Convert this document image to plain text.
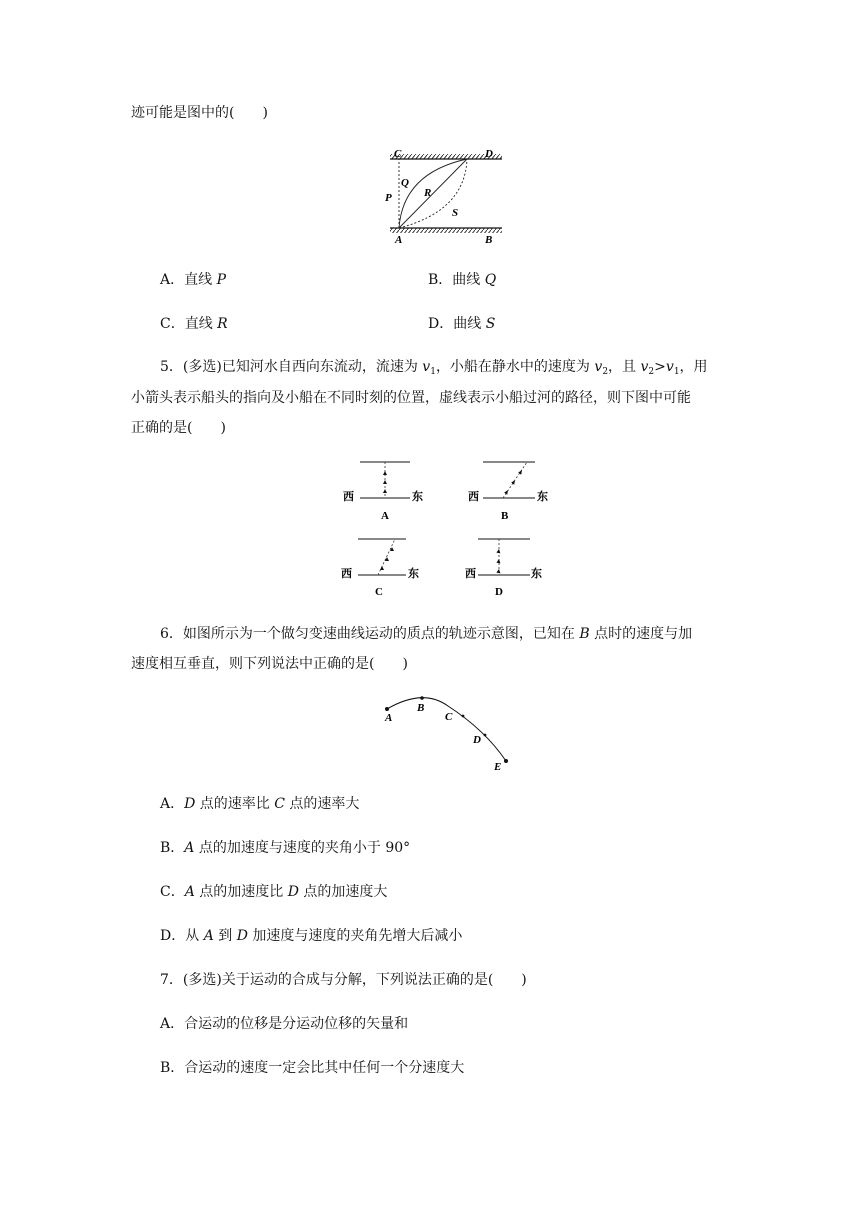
迹可能是图中的(　　)
C	D
P
Q
R
S
A	B
A．直线 P	B．曲线 Q
C．直线 R	D．曲线 S
5．(多选)已知河水自西向东流动，流速为 $v_1$，小船在静水中的速度为 $v_2$，且 $v_2>v_1$，用
小箭头表示船头的指向及小船在不同时刻的位置，虚线表示小船过河的路径，则下图中可能
正确的是(　　)
西	东
A
西	东
B
西	东
C
西	东
D
6．如图所示为一个做匀变速曲线运动的质点的轨迹示意图，已知在 B 点时的速度与加
速度相互垂直，则下列说法中正确的是(　　)
A
B
C
D
E
A．D 点的速率比 C 点的速率大
B．A 点的加速度与速度的夹角小于 90°
C．A 点的加速度比 D 点的加速度大
D．从 A 到 D 加速度与速度的夹角先增大后减小
7．(多选)关于运动的合成与分解，下列说法正确的是(　　)
A．合运动的位移是分运动位移的矢量和
B．合运动的速度一定会比其中任何一个分速度大
